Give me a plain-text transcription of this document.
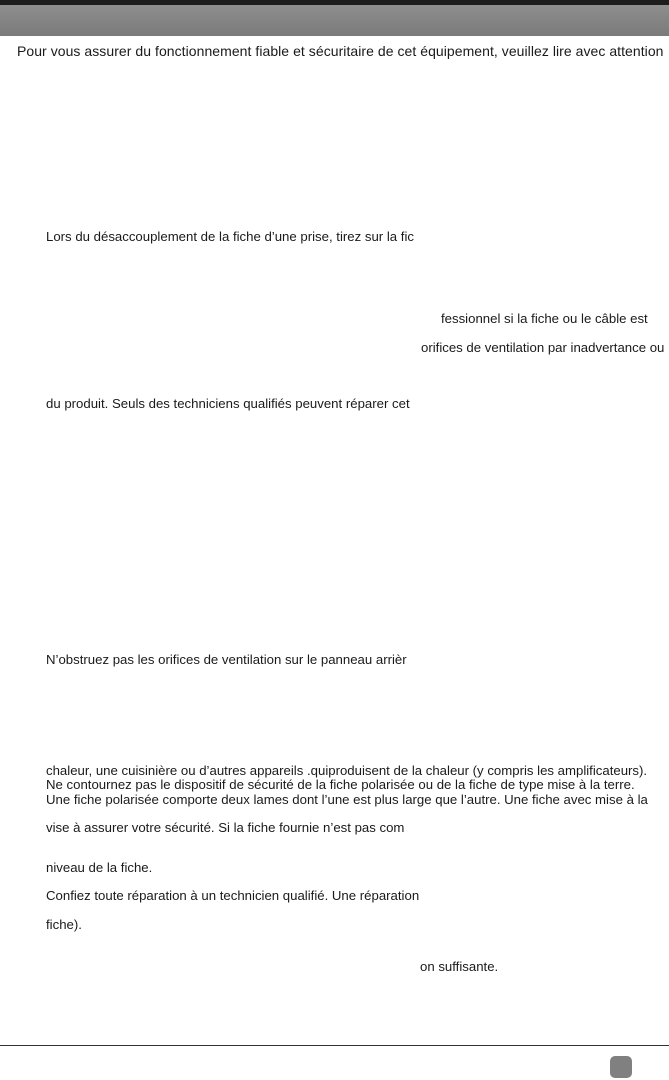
Pour vous assurer du fonctionnement fiable et sécuritaire de cet équipement, veuillez lire avec attention
Lors du désaccouplement de la fiche d’une prise, tirez sur la fic
fessionnel si la fiche ou le câble est
orifices de ventilation par inadvertance ou
du produit. Seuls des techniciens qualifiés peuvent réparer cet
N’obstruez pas les orifices de ventilation sur le panneau arrièr
chaleur, une cuisinière ou d’autres appareils .quiproduisent de la chaleur (y compris les amplificateurs).
Ne contournez pas le dispositif de sécurité de la fiche polarisée ou de la fiche de type mise à la terre.
Une fiche polarisée comporte deux lames dont l’une est plus large que l’autre. Une fiche avec mise à la
vise à assurer votre sécurité. Si la fiche fournie n’est pas com
niveau de la fiche.
Confiez toute réparation à un technicien qualifié. Une réparation
fiche).
on suffisante.
